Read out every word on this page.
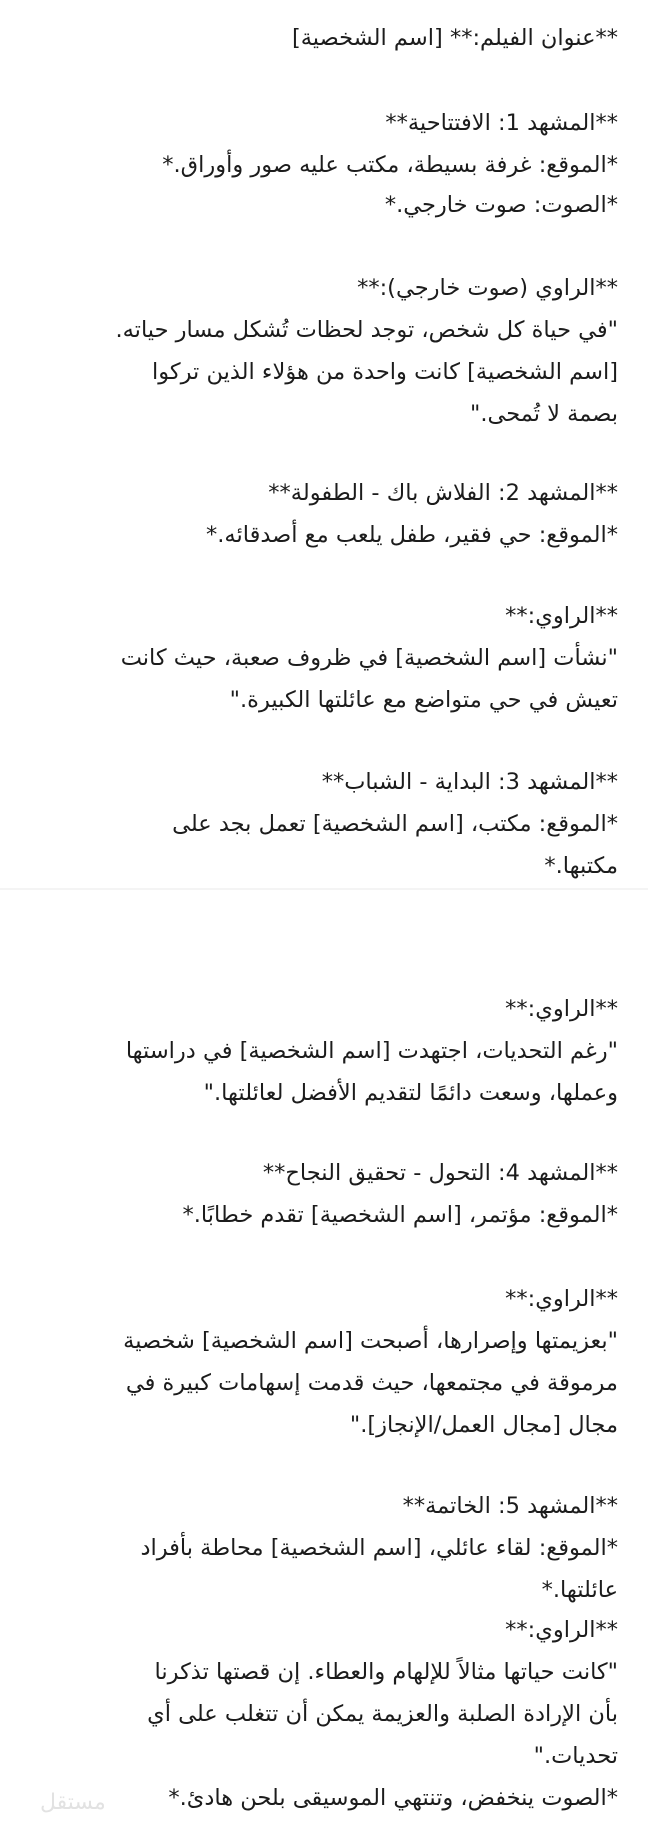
**عنوان الفيلم:** [اسم الشخصية]
**المشهد 1: الافتتاحية**
*الموقع: غرفة بسيطة، مكتب عليه صور وأوراق.*
*الصوت: صوت خارجي.*
**الراوي (صوت خارجي):**
"في حياة كل شخص، توجد لحظات تُشكل مسار حياته.
[اسم الشخصية] كانت واحدة من هؤلاء الذين تركوا
بصمة لا تُمحى."
**المشهد 2: الفلاش باك - الطفولة**
*الموقع: حي فقير، طفل يلعب مع أصدقائه.*
**الراوي:**
"نشأت [اسم الشخصية] في ظروف صعبة، حيث كانت
تعيش في حي متواضع مع عائلتها الكبيرة."
**المشهد 3: البداية - الشباب**
*الموقع: مكتب، [اسم الشخصية] تعمل بجد على
مكتبها.*
**الراوي:**
"رغم التحديات، اجتهدت [اسم الشخصية] في دراستها
وعملها، وسعت دائمًا لتقديم الأفضل لعائلتها."
**المشهد 4: التحول - تحقيق النجاح**
*الموقع: مؤتمر، [اسم الشخصية] تقدم خطابًا.*
**الراوي:**
"بعزيمتها وإصرارها، أصبحت [اسم الشخصية] شخصية
مرموقة في مجتمعها، حيث قدمت إسهامات كبيرة في
مجال [مجال العمل/الإنجاز]."
**المشهد 5: الخاتمة**
*الموقع: لقاء عائلي، [اسم الشخصية] محاطة بأفراد
عائلتها.*
**الراوي:**
"كانت حياتها مثالاً للإلهام والعطاء. إن قصتها تذكرنا
بأن الإرادة الصلبة والعزيمة يمكن أن تتغلب على أي
تحديات."
*الصوت ينخفض، وتنتهي الموسيقى بلحن هادئ.*
مستقل
